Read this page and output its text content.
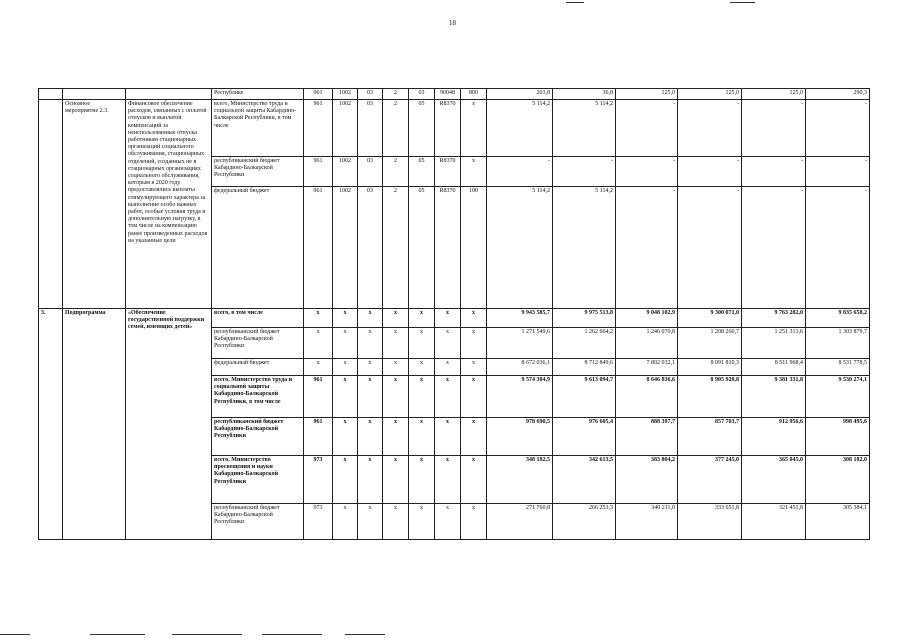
18
			Республике	961	1002	03	2	03	90048	800	203,8	36,8	125,0	125,0	125,0	290,3
	Основное мероприятие 2.3.	Финансовое обеспечение расходов, связанных с оплатой отпусков и выплатой компенсаций за неиспользованные отпуска работникам стационарных организаций социального обслуживания, стационарных отделений, созданных не в стационарных организациях социального обслуживания, которым в 2020 году предоставлялись выплаты стимулирующего характера за выполнение особо важных работ, особые условия труда и дополнительную нагрузку, в том числе на компенсацию ранее произведенных расходов на указанные цели	всего, Министерство труда и социальной защиты Кабардино-Балкарской Республики, в том числе	961	1002	03	2	05	R8370	х	5 114,2	5 114,2	-	-	-	-
			республиканский бюджет Кабардино-Балкарской Республики	961	1002	03	2	05	R8370	х	-	-	-	-	-	-
			федеральный бюджет	961	1002	03	2	05	R8370	100	5 114,2	5 114,2	-	-	-	-
3.	Подпрограмма	«Обеспечение государственной поддержки семей, имеющих детей»	всего, в том числе	х	х	х	х	х	х	х	9 943 585,7	9 975 513,8	9 048 102,9	9 300 071,0	9 763 282,0	9 835 658,2
			республиканский бюджет Кабардино-Балкарской Республики	х	х	х	х	х	х	х	1 271 549,6	1 262 664,2	1 246 070,8	1 208 260,7	1 251 313,6	1 303 879,7
			федеральный бюджет	х	х	х	х	х	х	х	8 672 036,1	8 712 849,6	7 802 032,1	8 091 810,3	8 511 968,4	8 531 778,5
			всего, Министерство труда и социальной защиты Кабардино-Балкарской Республики, в том числе	961	х	х	х	х	х	х	9 574 304,9	9 613 094,7	8 646 836,6	8 905 920,8	9 381 331,8	9 530 274,1
			республиканский бюджет Кабардино-Балкарской Республики	961	х	х	х	х	х	х	978 690,5	976 605,4	888 397,7	857 703,7	912 956,6	998 495,6
			всего, Министерство просвещения и науки Кабардино-Балкарской Республики	973	х	х	х	х	х	х	348 182,5	342 613,5	383 804,2	377 245,0	365 045,0	308 182,0
			республиканский бюджет Кабардино-Балкарской Республики	973	х	х	х	х	х	х	271 760,8	266 253,3	340 211,0	333 651,8	321 451,8	305 384,1
